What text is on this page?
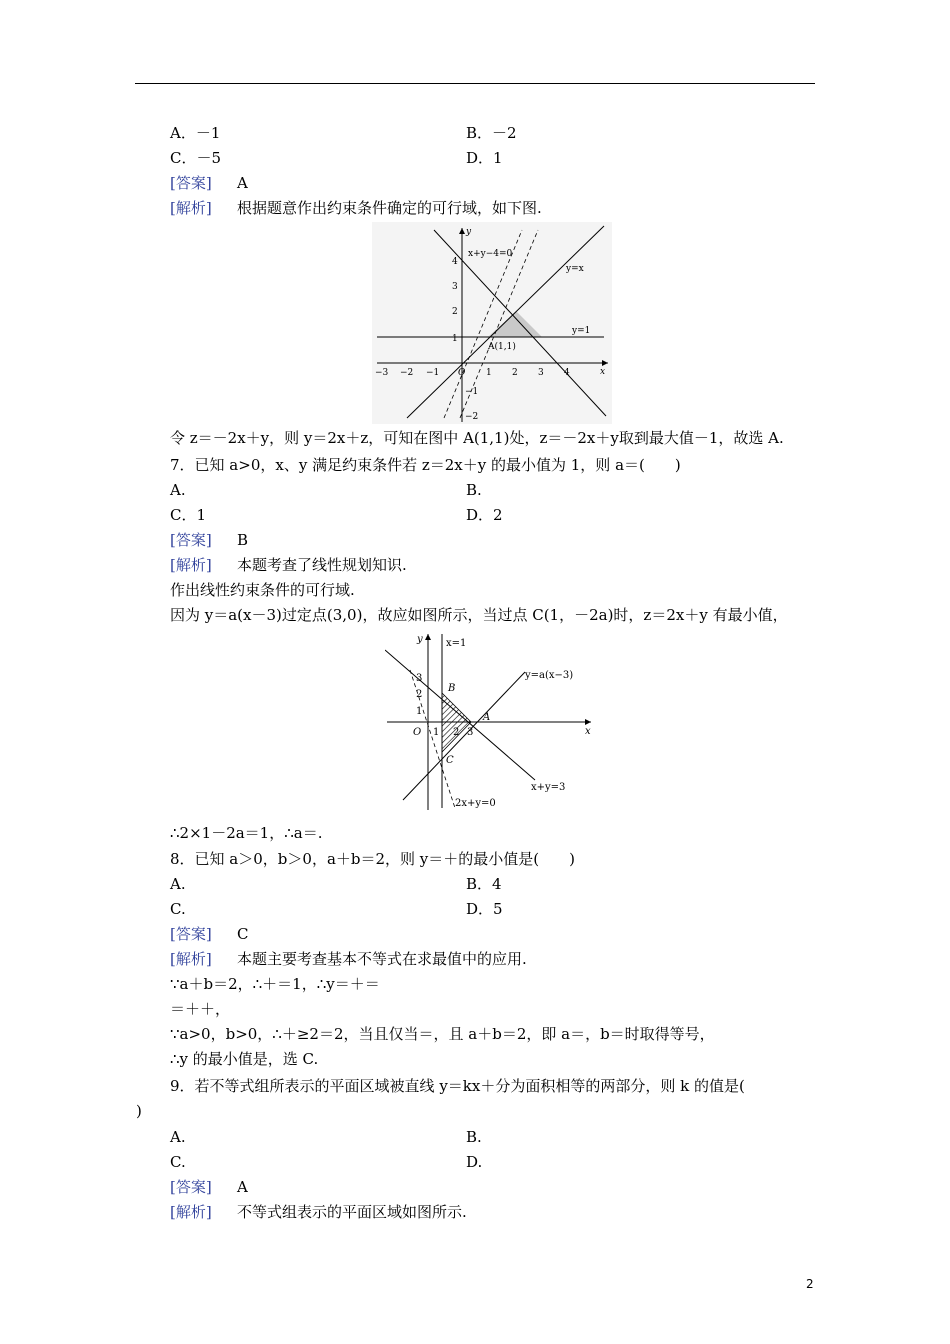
A．－1	B．－2
C．－5	D．1
[答案] A
[解析] 根据题意作出约束条件确定的可行域，如下图.
−3 −2 −1	1 2 3 4
4
3
2
1
−1
−2
x
y
O
x+y−4=0
y=x
y=1
A(1,1)
令 z＝－2x＋y，则 y＝2x＋z，可知在图中 A(1,1)处，z＝－2x＋y取到最大值－1，故选 A.
7．已知 a>0，x、y 满足约束条件若 z＝2x＋y 的最小值为 1，则 a＝(　　)
A.	B.
C．1	D．2
[答案] B
[解析] 本题考查了线性规划知识.
作出线性约束条件的可行域.
因为 y＝a(x－3)过定点(3,0)，故应如图所示，当过点 C(1，－2a)时，z＝2x＋y 有最小值，
x
y
O 1 2 3
3
2
1
x=1
y=a(x−3)
x+y=3
2x+y=0
A
B
C
∴2×1－2a＝1，∴a＝.
8．已知 a＞0，b＞0，a＋b＝2，则 y＝＋的最小值是(　　)
A.	B．4
C.	D．5
[答案] C
[解析] 本题主要考查基本不等式在求最值中的应用.
∵a＋b＝2，∴＋＝1，∴y＝＋＝
＝＋＋，
∵a>0，b>0，∴＋≥2＝2，当且仅当＝，且 a＋b＝2，即 a＝，b＝时取得等号，
∴y 的最小值是，选 C.
9．若不等式组所表示的平面区域被直线 y＝kx＋分为面积相等的两部分，则 k 的值是(
)
A.	B.
C.	D.
[答案] A
[解析] 不等式组表示的平面区域如图所示.
2
